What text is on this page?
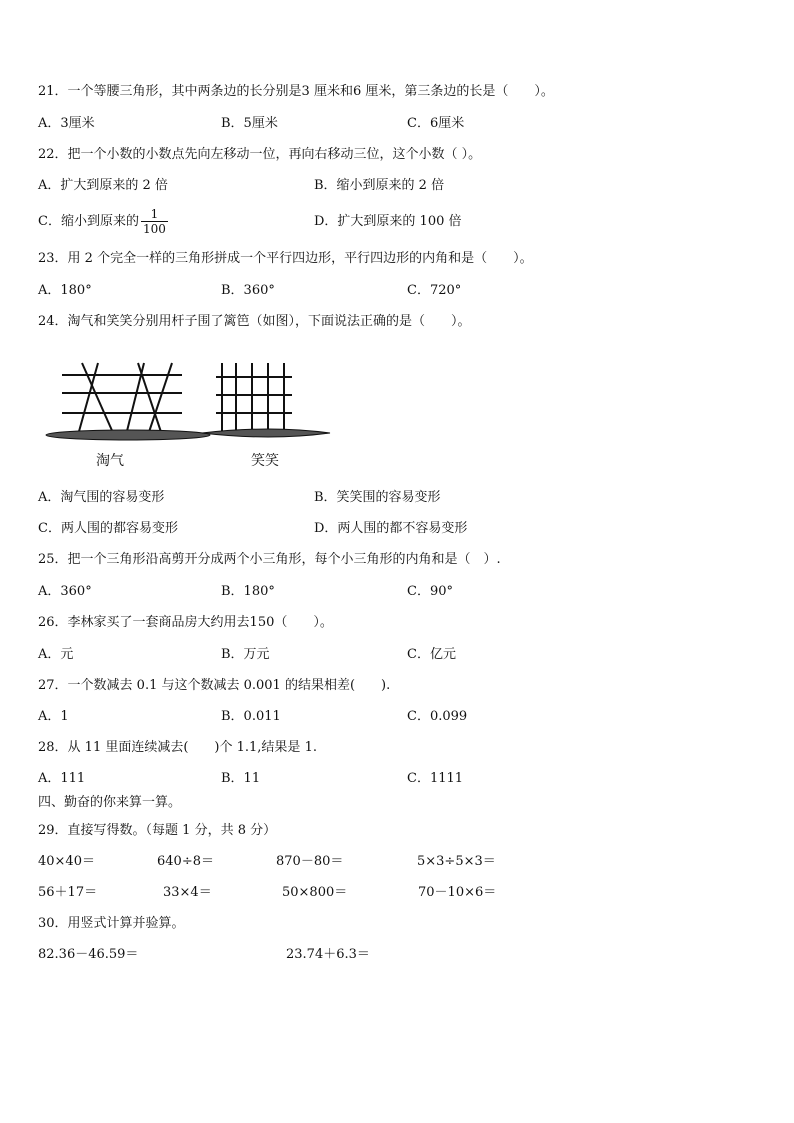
21．一个等腰三角形，其中两条边的长分别是3 厘米和6 厘米，第三条边的长是（　　）。
A．3厘米	B．5厘米	C．6厘米
22．把一个小数的小数点先向左移动一位，再向右移动三位，这个小数（ ）。
A．扩大到原来的 2 倍	B．缩小到原来的 2 倍
C．缩小到原来的 $\frac{1}{100}$	D．扩大到原来的 100 倍
23．用 2 个完全一样的三角形拼成一个平行四边形，平行四边形的内角和是（　　）。
A．180°	B．360°	C．720°
24．淘气和笑笑分别用杆子围了篱笆（如图），下面说法正确的是（　　）。
淘气	笑笑
A．淘气围的容易变形	B．笑笑围的容易变形
C．两人围的都容易变形	D．两人围的都不容易变形
25．把一个三角形沿高剪开分成两个小三角形，每个小三角形的内角和是（　）.
A．360°	B．180°	C．90°
26．李林家买了一套商品房大约用去150（　　）。
A．元	B．万元	C．亿元
27．一个数减去 0.1 与这个数减去 0.001 的结果相差(　　).
A．1	B．0.011	C．0.099
28．从 11 里面连续减去(　　)个 1.1,结果是 1.
A．111	B．11	C．1111
四、勤奋的你来算一算。
29．直接写得数。（每题 1 分，共 8 分）
40×40＝	640÷8＝	870－80＝	5×3÷5×3＝
56＋17＝	33×4＝	50×800＝	70－10×6＝
30．用竖式计算并验算。
82.36－46.59＝	23.74＋6.3＝
